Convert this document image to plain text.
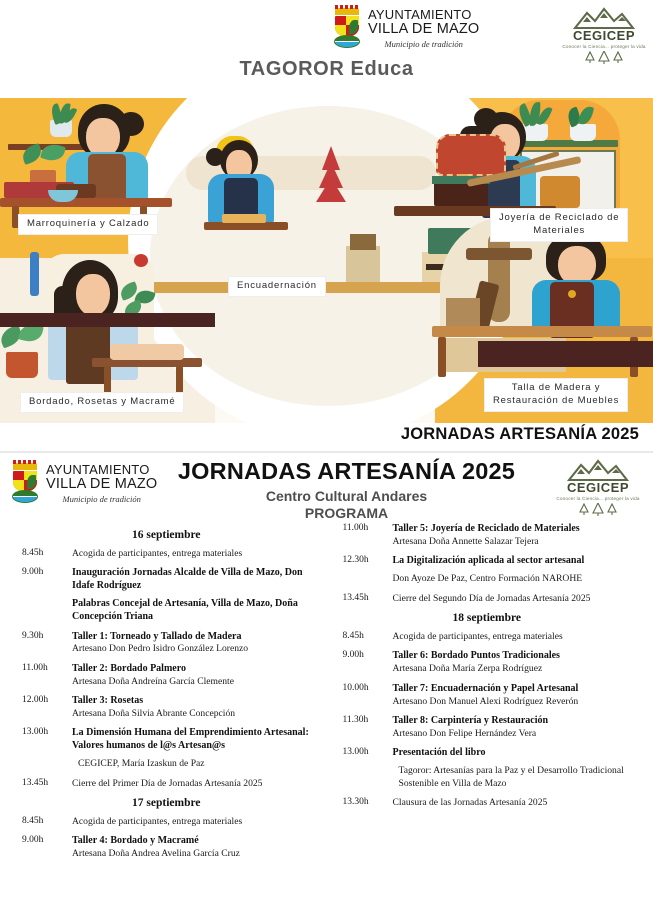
AYUNTAMIENTO
VILLA DE MAZO
Municipio de tradición
CEGICEP
Conocer la Ciencia... proteger la vida
TAGOROR Educa
Marroquinería y Calzado
Encuadernación
Joyería de Reciclado de
Materiales
Bordado, Rosetas y Macramé
Talla de Madera y
Restauración de Muebles
JORNADAS ARTESANÍA 2025
AYUNTAMIENTO
VILLA DE MAZO
Municipio de tradición
JORNADAS ARTESANÍA 2025
Centro Cultural Andares
PROGRAMA
CEGICEP
Conocer la Ciencia... proteger la vida
16 septiembre
8.45h	Acogida de participantes, entrega materiales
9.00h	Inauguración Jornadas Alcalde de Villa de Mazo, Don Idafe Rodríguez
Palabras Concejal de Artesanía, Villa de Mazo, Doña Concepción Triana
9.30h	Taller 1: Torneado y Tallado de Madera
Artesano Don Pedro Isidro González Lorenzo
11.00h	Taller 2: Bordado Palmero
Artesana Doña Andreína García Clemente
12.00h	Taller 3: Rosetas
Artesana Doña Silvia Abrante Concepción
13.00h	La Dimensión Humana del Emprendimiento Artesanal: Valores humanos de l@s Artesan@s
CEGICEP, María Izaskun de Paz
13.45h	Cierre del Primer Día de Jornadas Artesanía 2025
17 septiembre
8.45h	Acogida de participantes, entrega materiales
9.00h	Taller 4: Bordado y Macramé
Artesana Doña Andrea Avelina García Cruz
11.00h	Taller 5: Joyería de Reciclado de Materiales
Artesana Doña Annette Salazar Tejera
12.30h	La Digitalización aplicada al sector artesanal
Don Ayoze De Paz, Centro Formación NAROHE
13.45h	Cierre del Segundo Día de Jornadas Artesanía 2025
18 septiembre
8.45h	Acogida de participantes, entrega materiales
9.00h	Taller 6: Bordado Puntos Tradicionales
Artesana Doña María Zerpa Rodríguez
10.00h	Taller 7: Encuadernación y Papel Artesanal
Artesano Don Manuel Alexi Rodríguez Reverón
11.30h	Taller 8: Carpintería y Restauración
Artesano Don Felipe Hernández Vera
13.00h	Presentación del libro
Tagoror: Artesanías para la Paz y el Desarrollo Tradicional Sostenible en Villa de Mazo
13.30h	Clausura de las Jornadas Artesanía 2025
